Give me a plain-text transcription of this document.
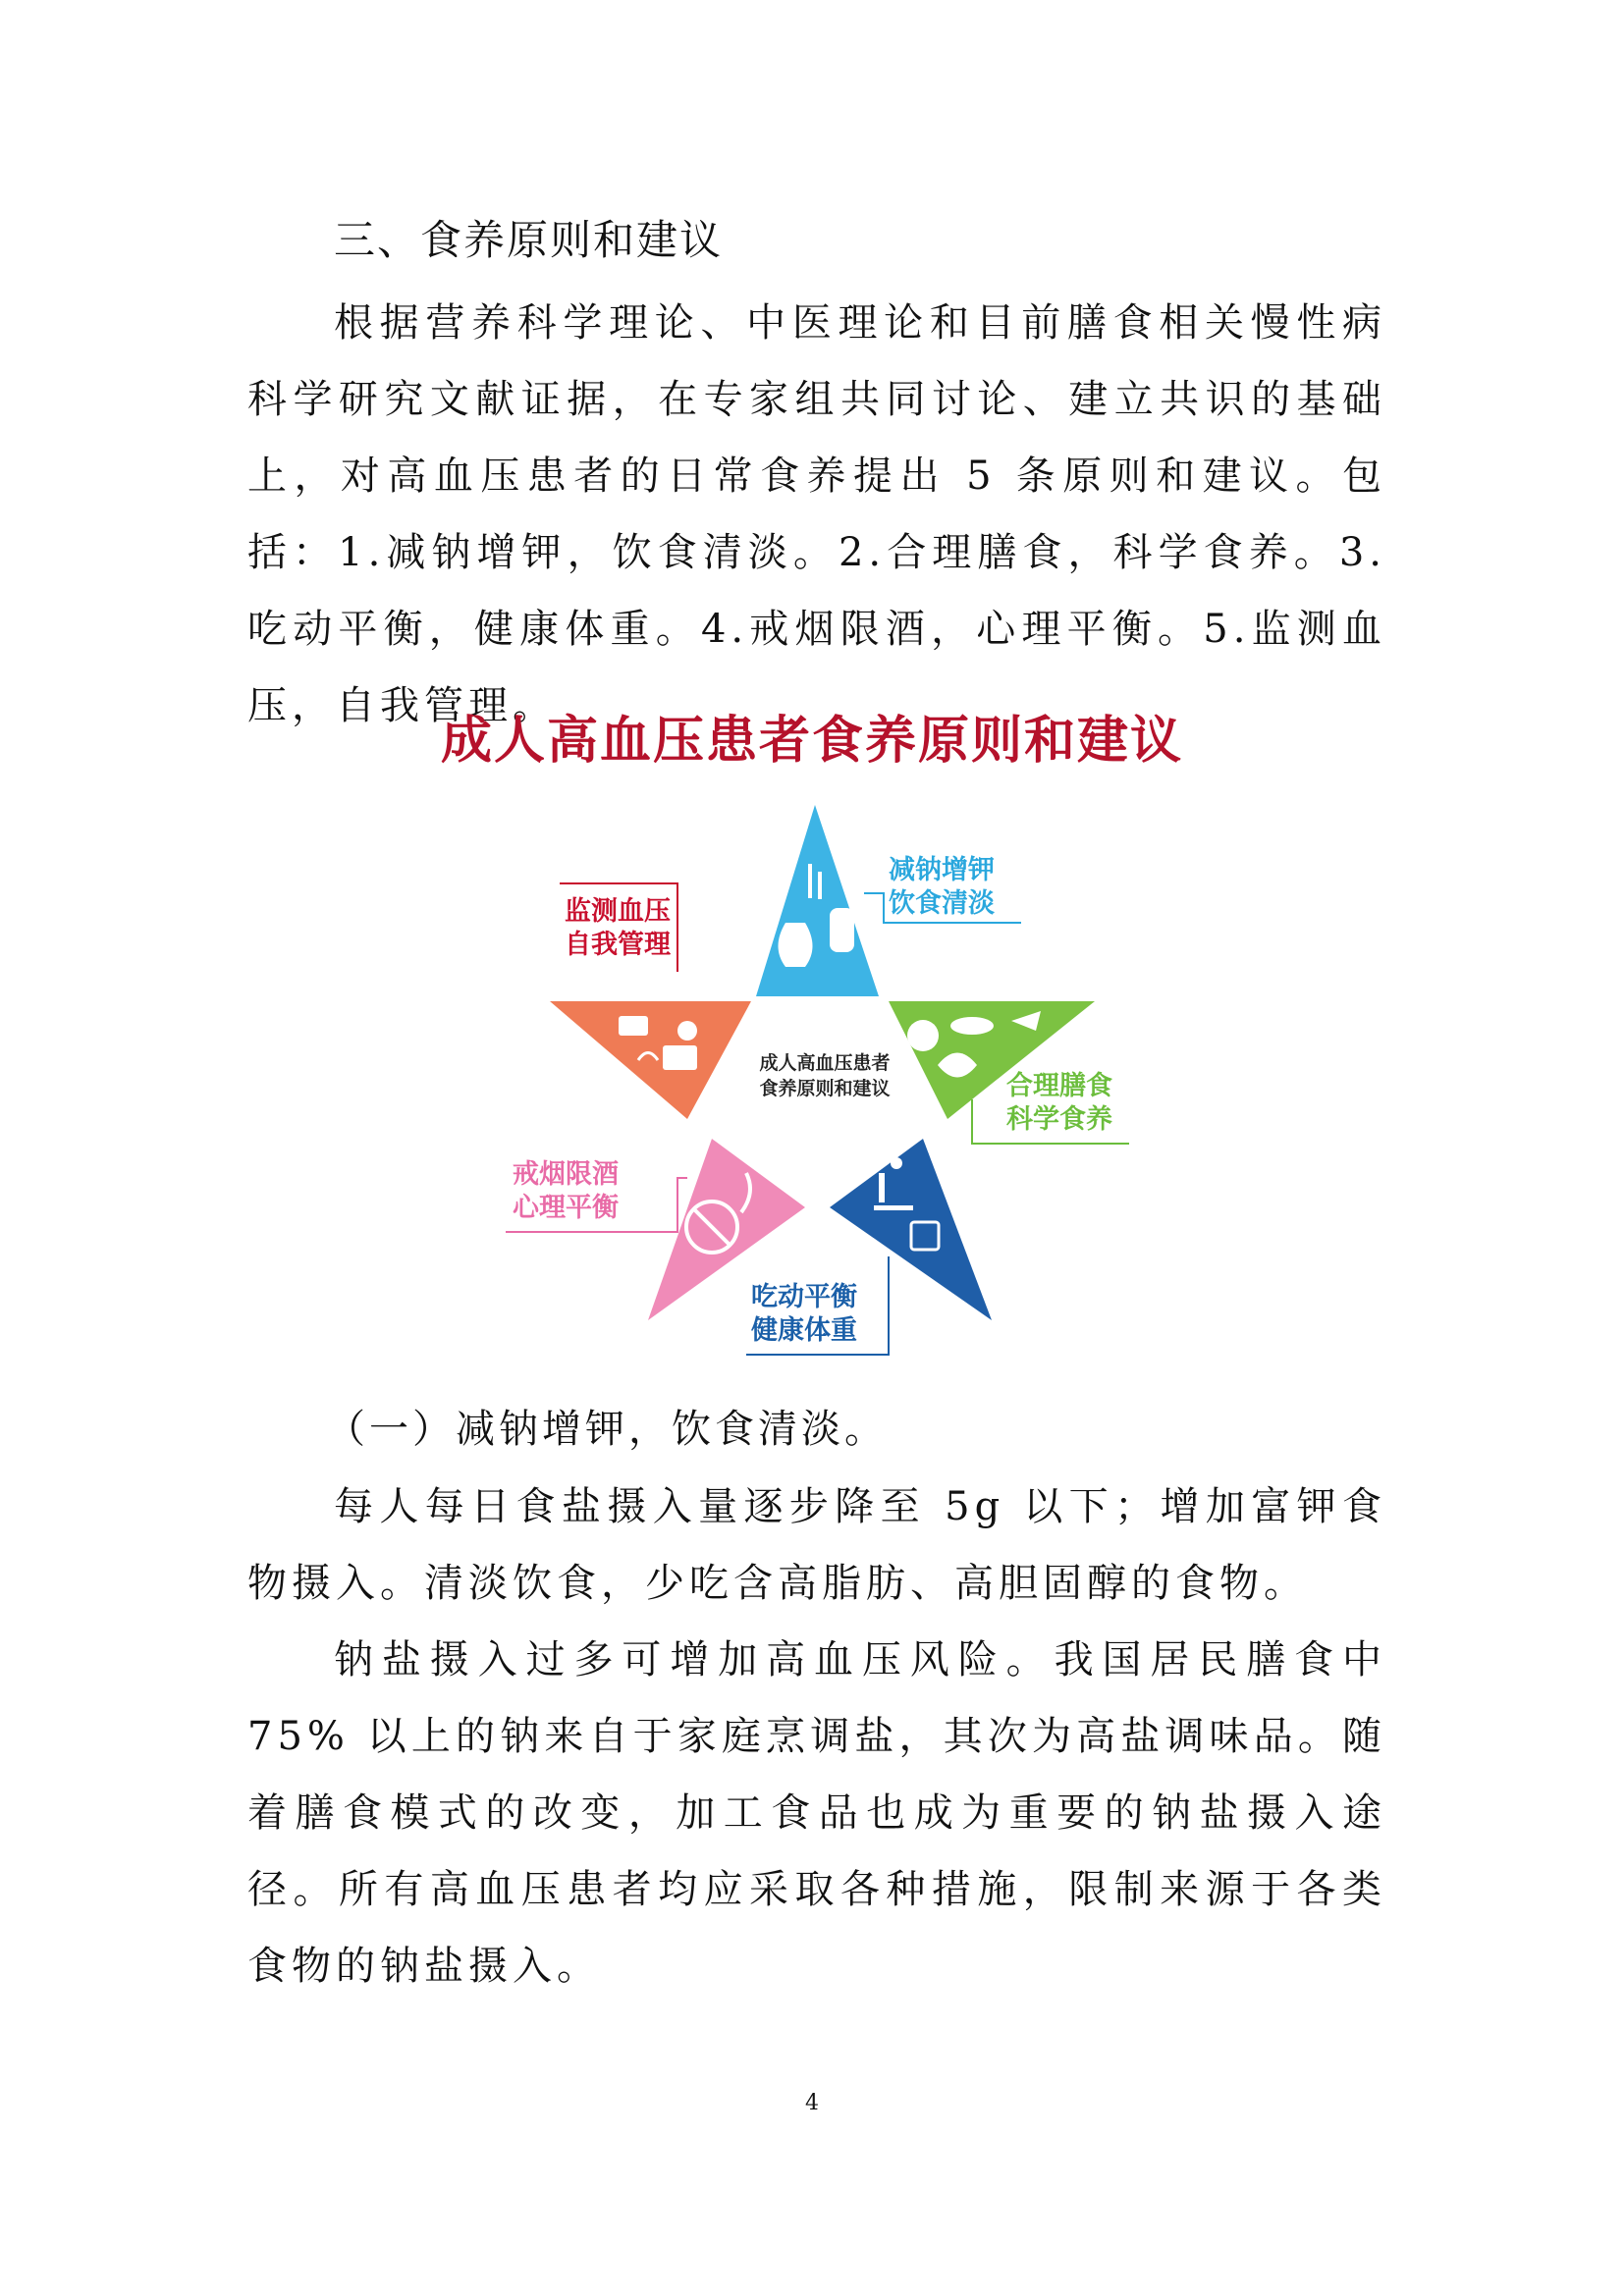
三、食养原则和建议

根据营养科学理论、中医理论和目前膳食相关慢性病科学研究文献证据，在专家组共同讨论、建立共识的基础上，对高血压患者的日常食养提出 5 条原则和建议。包括：1.减钠增钾，饮食清淡。2.合理膳食，科学食养。3.吃动平衡，健康体重。4.戒烟限酒，心理平衡。5.监测血压，自我管理。

成人高血压患者食养原则和建议
成人高血压患者
食养原则和建议
减钠增钾
饮食清淡
合理膳食
科学食养
吃动平衡
健康体重
戒烟限酒
心理平衡
监测血压
自我管理
（一）减钠增钾，饮食清淡。

每人每日食盐摄入量逐步降至 5g 以下；增加富钾食物摄入。清淡饮食，少吃含高脂肪、高胆固醇的食物。

钠盐摄入过多可增加高血压风险。我国居民膳食中 75% 以上的钠来自于家庭烹调盐，其次为高盐调味品。随着膳食模式的改变，加工食品也成为重要的钠盐摄入途径。所有高血压患者均应采取各种措施，限制来源于各类食物的钠盐摄入。

4
